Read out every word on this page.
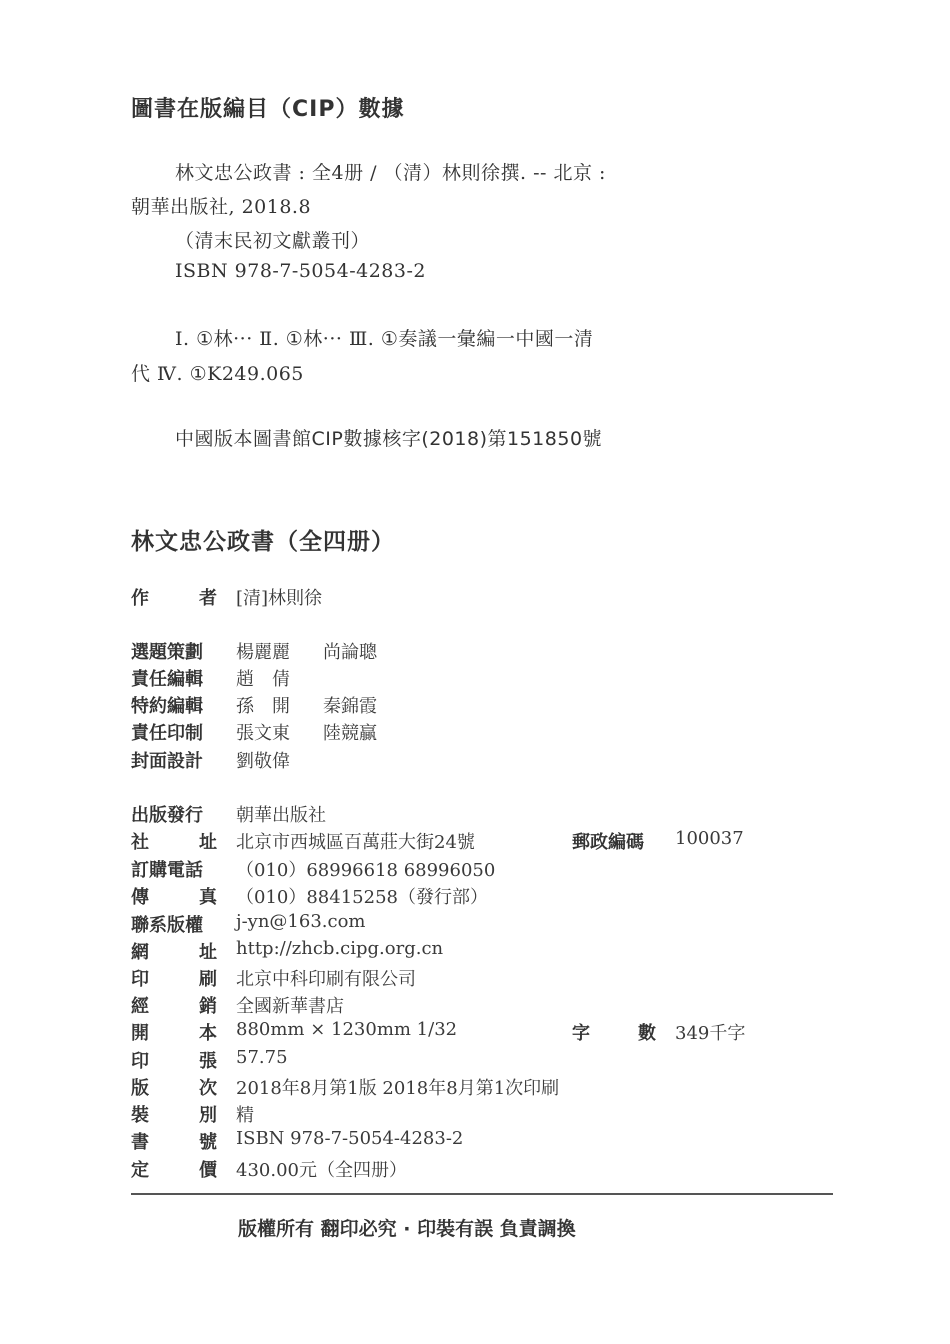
圖書在版編目（CIP）數據
林文忠公政書 : 全4册 / （清）林則徐撰. -- 北京 :
朝華出版社, 2018.8
（清末民初文獻叢刊）
ISBN 978-7-5054-4283-2
Ⅰ. ①林··· Ⅱ. ①林··· Ⅲ. ①奏議一彙編一中國一清
代 Ⅳ. ①K249.065
中國版本圖書館CIP數據核字(2018)第151850號
林文忠公政書（全四册）
作	者 [清]林則徐
選題策劃	楊麗麗 尚論聰
責任編輯	趙　倩
特約編輯	孫　開 秦錦霞
責任印制	張文東 陸競贏
封面設計	劉敬偉
出版發行	朝華出版社
社	址 北京市西城區百萬莊大街24號	郵政編碼 100037
訂購電話	（010）68996618 68996050
傳	真 （010）88415258（發行部）
聯系版權	j-yn@163.com
網	址 http://zhcb.cipg.org.cn
印	刷 北京中科印刷有限公司
經	銷 全國新華書店
開	本 880mm × 1230mm 1/32	字	數 349千字
印	張 57.75
版	次 2018年8月第1版 2018年8月第1次印刷
裝	別 精
書	號 ISBN 978-7-5054-4283-2
定	價 430.00元（全四册）
版權所有 翻印必究 · 印裝有誤 負責調換
